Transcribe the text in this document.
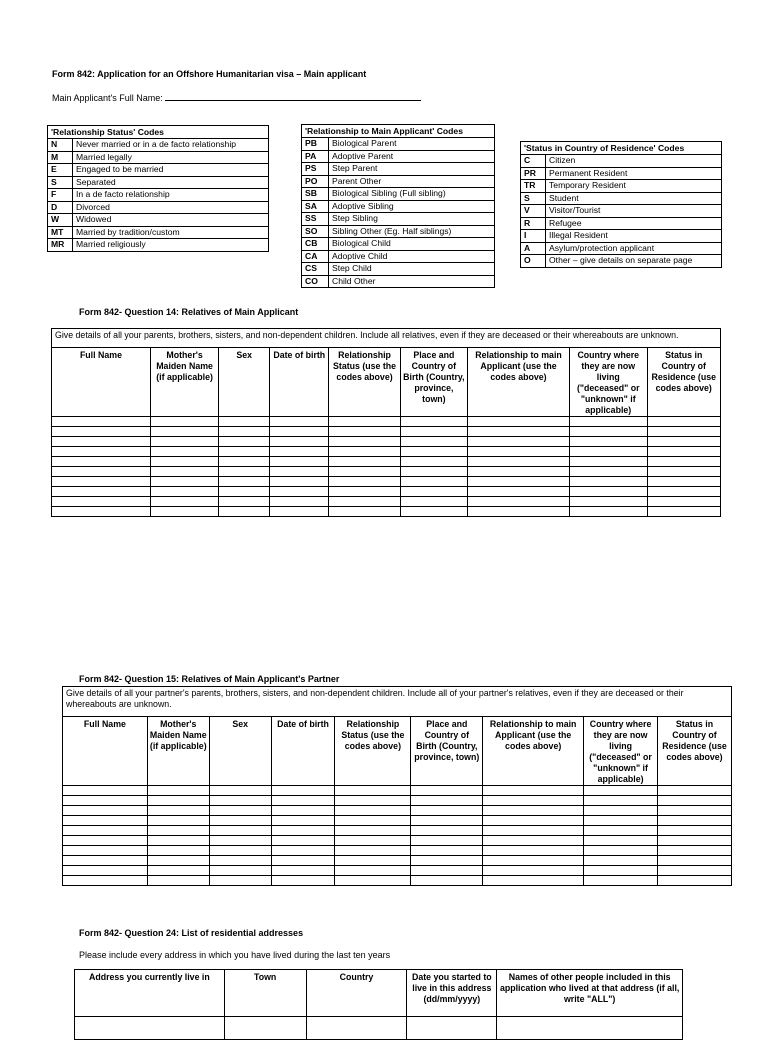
Form 842: Application for an Offshore Humanitarian visa – Main applicant
Main Applicant's Full Name:
'Relationship Status' Codes	
N	Never married or in a de facto relationship
M	Married legally
E	Engaged to be married
S	Separated
F	In a de facto relationship
D	Divorced
W	Widowed
MT	Married by tradition/custom
MR	Married religiously
'Relationship to Main Applicant' Codes	
PB	Biological Parent
PA	Adoptive Parent
PS	Step Parent
PO	Parent Other
SB	Biological Sibling (Full sibling)
SA	Adoptive Sibling
SS	Step Sibling
SO	Sibling Other (Eg. Half siblings)
CB	Biological Child
CA	Adoptive Child
CS	Step Child
CO	Child Other
'Status in Country of Residence' Codes	
C	Citizen
PR	Permanent Resident
TR	Temporary Resident
S	Student
V	Visitor/Tourist
R	Refugee
I	Illegal Resident
A	Asylum/protection applicant
O	Other – give details on separate page
Form 842- Question 14: Relatives of Main Applicant
Give details of all your parents, brothers, sisters, and non-dependent children. Include all relatives, even if they are deceased or their whereabouts are unknown.								
Full Name	Mother's Maiden Name (if applicable)	Sex	Date of birth	Relationship Status (use the codes above)	Place and Country of Birth (Country, province, town)	Relationship to main Applicant (use the codes above)	Country where they are now living ("deceased" or "unknown" if applicable)	Status in Country of Residence (use codes above)

Form 842- Question 15: Relatives of Main Applicant's Partner
Give details of all your partner's parents, brothers, sisters, and non-dependent children. Include all of your partner's relatives, even if they are deceased or their whereabouts are unknown.								
Full Name	Mother's Maiden Name (if applicable)	Sex	Date of birth	Relationship Status (use the codes above)	Place and Country of Birth (Country, province, town)	Relationship to main Applicant (use the codes above)	Country where they are now living ("deceased" or "unknown" if applicable)	Status in Country of Residence (use codes above)

Form 842- Question 24: List of residential addresses
Please include every address in which you have lived during the last ten years
Address you currently live in	Town	Country	Date you started to live in this address (dd/mm/yyyy)	Names of other people included in this application who lived at that address (if all, write "ALL")
